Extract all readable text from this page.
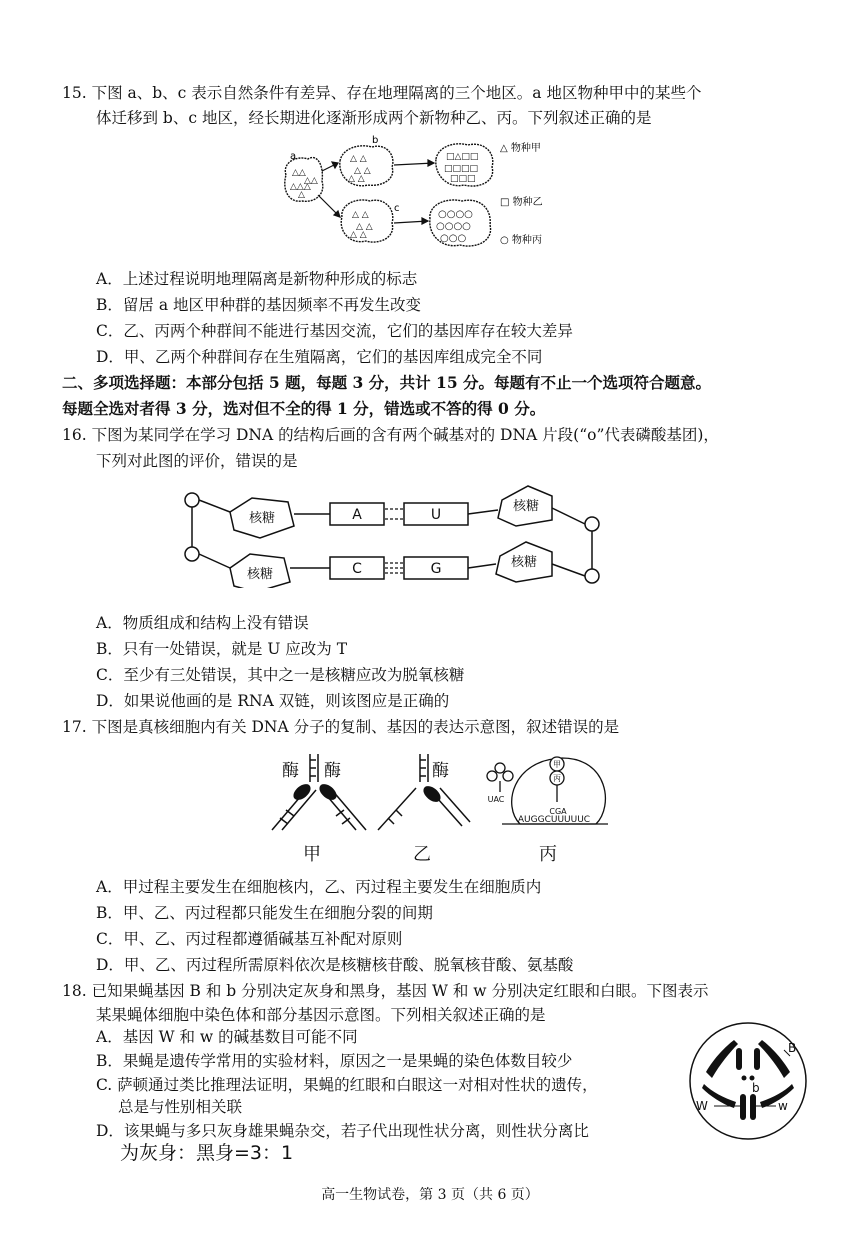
15. 下图 a、b、c 表示自然条件有差异、存在地理隔离的三个地区。a 地区物种甲中的某些个
体迁移到 b、c 地区，经长期进化逐渐形成两个新物种乙、丙。下列叙述正确的是
△△
△△
△△△
△
a	△ △
△ △
△ △
b
△ △
△ △
△ △
c
□△□□
□□□□
□□□
○○○○
○○○○
○○○
△ 物种甲
□ 物种乙
○ 物种丙
A．上述过程说明地理隔离是新物种形成的标志
B．留居 a 地区甲种群的基因频率不再发生改变
C．乙、丙两个种群间不能进行基因交流，它们的基因库存在较大差异
D．甲、乙两个种群间存在生殖隔离，它们的基因库组成完全不同
二、多项选择题：本部分包括 5 题，每题 3 分，共计 15 分。每题有不止一个选项符合题意。
每题全选对者得 3 分，选对但不全的得 1 分，错选或不答的得 0 分。
16. 下图为某同学在学习 DNA 的结构后画的含有两个碱基对的 DNA 片段(“o”代表磷酸基团)，
下列对此图的评价，错误的是
核糖
核糖
核糖
核糖
A	U
C	G
A．物质组成和结构上没有错误
B．只有一处错误，就是 U 应改为 T
C．至少有三处错误，其中之一是核糖应改为脱氧核糖
D．如果说他画的是 RNA 双链，则该图应是正确的
17. 下图是真核细胞内有关 DNA 分子的复制、基因的表达示意图，叙述错误的是
酶 酶	酶	甲
丙
UAC
CGA
AUGGCUUUUUC
甲	乙	丙
A．甲过程主要发生在细胞核内，乙、丙过程主要发生在细胞质内
B．甲、乙、丙过程都只能发生在细胞分裂的间期
C．甲、乙、丙过程都遵循碱基互补配对原则
D．甲、乙、丙过程所需原料依次是核糖核苷酸、脱氧核苷酸、氨基酸
18. 已知果蝇基因 B 和 b 分别决定灰身和黑身，基因 W 和 w 分别决定红眼和白眼。下图表示
某果蝇体细胞中染色体和部分基因示意图。下列相关叙述正确的是
A．基因 W 和 w 的碱基数目可能不同
B．果蝇是遗传学常用的实验材料，原因之一是果蝇的染色体数目较少
C. 萨顿通过类比推理法证明，果蝇的红眼和白眼这一对相对性状的遗传，
总是与性别相关联
D．该果蝇与多只灰身雄果蝇杂交，若子代出现性状分离，则性状分离比
为灰身：黑身=3：1
B
b
W	w
高一生物试卷，第 3 页（共 6 页）
